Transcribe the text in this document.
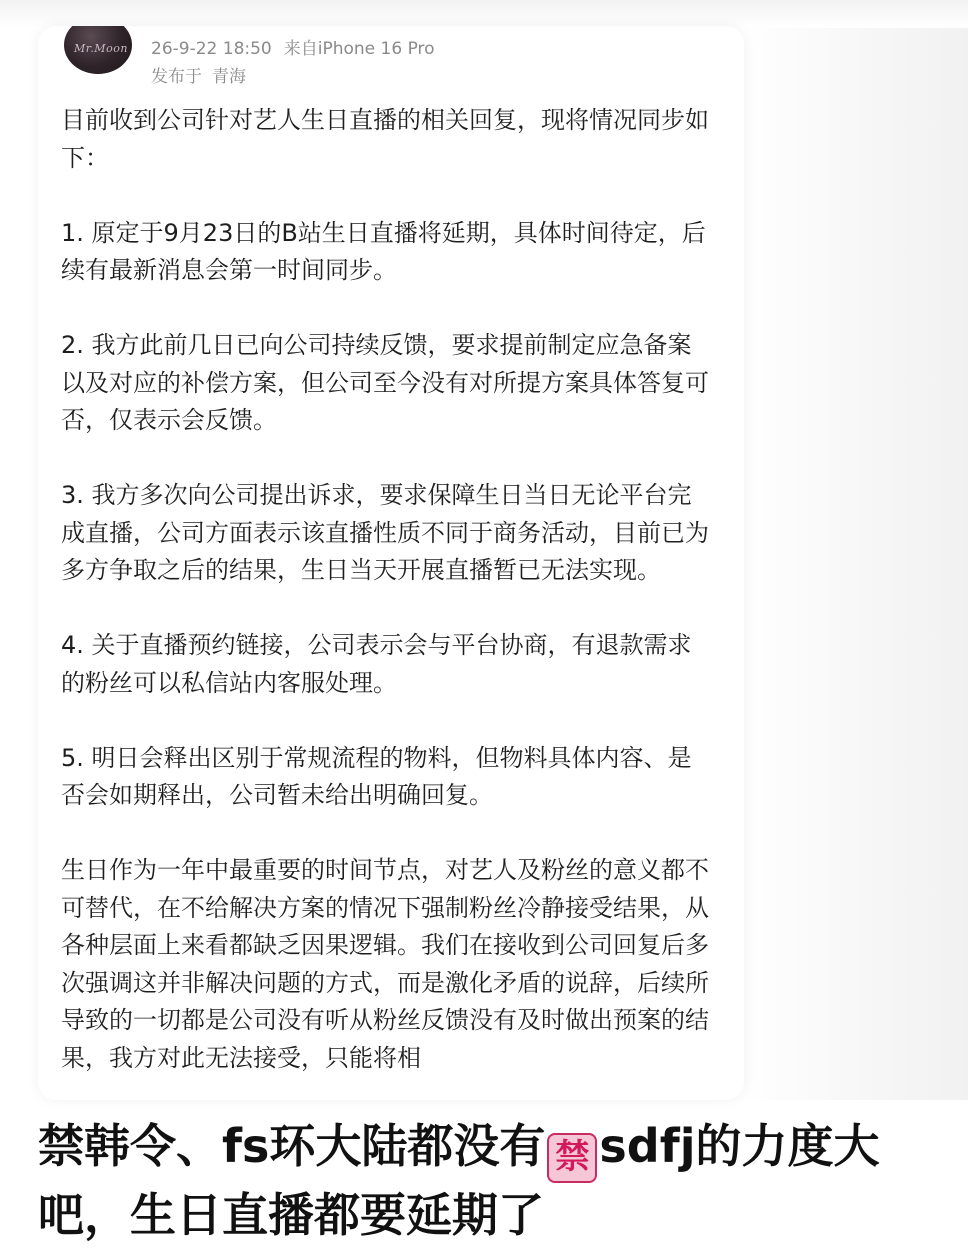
Mr.Moon 26-9-22 18:50 来自iPhone 16 Pro
发布于 青海

目前收到公司针对艺人生日直播的相关回复，现将情况同步如下：

1. 原定于9月23日的B站生日直播将延期，具体时间待定，后续有最新消息会第一时间同步。

2. 我方此前几日已向公司持续反馈，要求提前制定应急备案以及对应的补偿方案，但公司至今没有对所提方案具体答复可否，仅表示会反馈。

3. 我方多次向公司提出诉求，要求保障生日当日无论平台完成直播，公司方面表示该直播性质不同于商务活动，目前已为多方争取之后的结果，生日当天开展直播暂已无法实现。

4. 关于直播预约链接，公司表示会与平台协商，有退款需求的粉丝可以私信站内客服处理。

5. 明日会释出区别于常规流程的物料，但物料具体内容、是否会如期释出，公司暂未给出明确回复。

生日作为一年中最重要的时间节点，对艺人及粉丝的意义都不可替代，在不给解决方案的情况下强制粉丝冷静接受结果，从各种层面上来看都缺乏因果逻辑。我们在接收到公司回复后多次强调这并非解决问题的方式，而是激化矛盾的说辞，后续所导致的一切都是公司没有听从粉丝反馈没有及时做出预案的结果，我方对此无法接受，只能将相

禁韩令、fs环大陆都没有 禁 sdfj的力度大吧，生日直播都要延期了
